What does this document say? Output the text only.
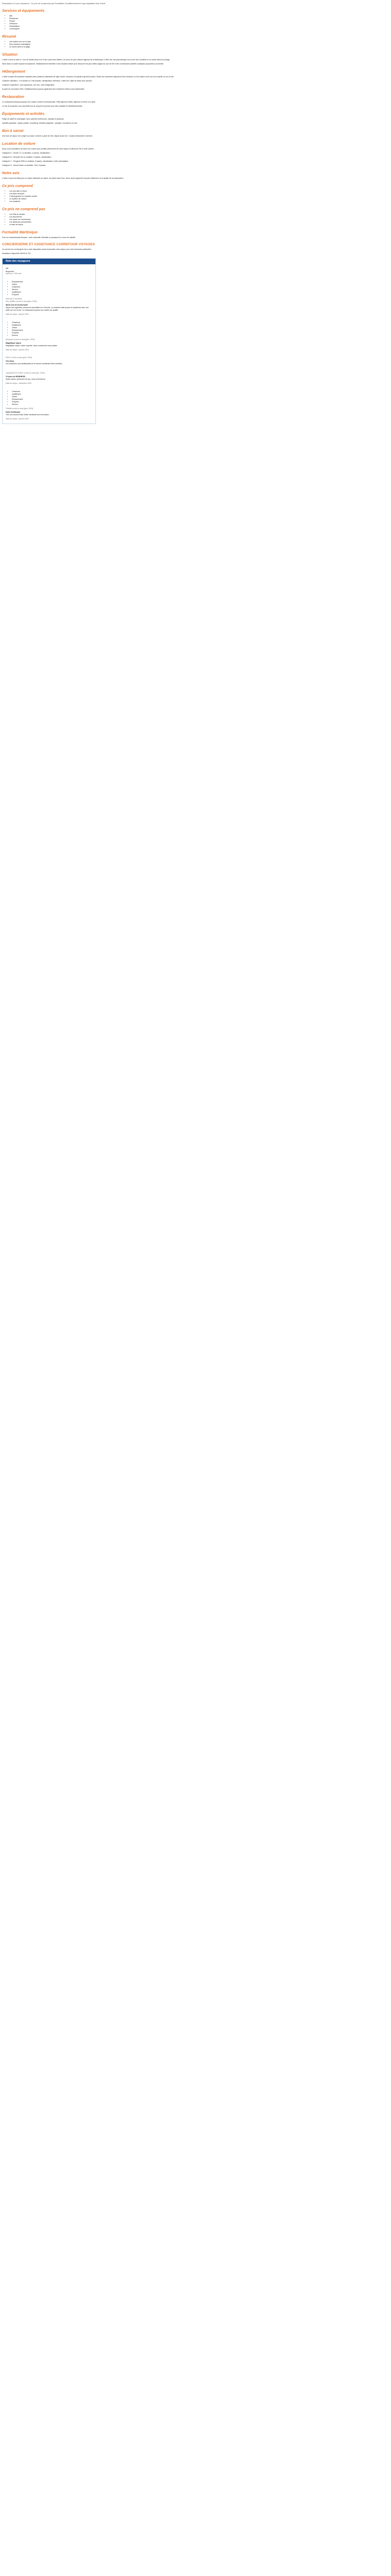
Description Ce prix comprend : Ce prix ne comprend pas Formalités Conditionnement Loge équitation Avis Client
Services et équipements
• Wifi
• Restaurant
• Piscine
• Télévision
• Climatisation
• Conciergerie
Résumé
• Une salière vue sur la baie
• Deux piscines aménagées
• Un accès direct à la plage
Situation

L'hôtel Cocoa se situe à 1 km de Sainte-Anne et à 5 min à pied des Salines. Au cœur du parc naturel régional de la Martinique, il offre une vue panoramique sur la mer des Caraïbes et un accès direct à la plage.

Situé dans un cadre tropical exceptionnel, l'établissement bénéficie d'une situation idéale pour découvrir les plus belles plages du sud de l'île et les nombreuses activités nautiques proposées à proximité.

Hébergement

L'hôtel compte 48 chambres réparties dans plusieurs bâtiments de style créole, entourés d'un jardin tropical luxuriant. Toutes les chambres disposent d'une terrasse ou d'un balcon avec vue sur le jardin ou sur la mer.

Chambre Standard : 1 lit double ou 2 lits simples, climatisation, télévision, coffre-fort, salle de bains avec douche.

Chambre Supérieure : plus spacieuse, vue mer, mini-réfrigérateur.

À partir de novembre 2024, l'établissement propose également des Chambres Deluxe avec kitchenette.

Restauration

Le restaurant principal propose une cuisine créole et internationale. Petit-déjeuner buffet, déjeuner et dîner à la carte.

Le bar de la piscine vous accueille tout au long de la journée pour des cocktails et rafraîchissements.

Équipements et activités

Plage de sable fin aménagée, deux piscines extérieures, transats et parasols.

Activités gratuites : kayak, paddle, snorkeling. Activités payantes : plongée, excursions en mer.

Bon à savoir

Une taxe de séjour est à régler sur place. Arrivée à partir de 15h, départ avant 11h. Caution demandée à l'arrivée.

Location de voiture

Nous vous conseillons de louer une voiture pour profiter pleinement de votre séjour et découvrir l'île à votre rythme.

Catégorie A : Citroën C1 ou similaire, 4 places, climatisation.

Catégorie B : Renault Clio ou similaire, 5 places, climatisation.

Catégorie C : Peugeot 2008 ou similaire, 5 places, climatisation, boîte automatique.

Catégorie D : Dacia Duster ou similaire, SUV, 5 places.

Notre avis

L'hôtel Cocoa est idéal pour un séjour balnéaire au calme, les pieds dans l'eau. Nous avons apprécié l'accueil chaleureux et la qualité de la restauration.

Ce prix comprend
• Les vols aller et retour
• Les taxes aéroport
• L'hébergement en chambre double
• La location de voiture
• Les transferts
Ce prix ne comprend pas
• Les frais de dossier
• Les assurances
• Les repas non mentionnés
• Les dépenses personnelles
• La taxe de séjour
Formalité Martinique

Pour les ressortissants français : carte nationale d'identité ou passeport en cours de validité.

CONCIERGERIE ET ASSISTANCE CARREFOUR VOYAGES

Un service de conciergerie est à votre disposition avant et pendant votre séjour pour toute demande particulière.

Assistance disponible 24h/24 et 7j/7.

Note des voyageurs
4.6
Moyenne
basé sur 1 000 avis
• Emplacement
• Calme
• Chambres
• Service
• Qualité/prix
• Propreté
Voté par 3 membres
Rcy_antilles a écrit un avis (janv. 2024)
Week-end de anniversaire

Séjour très agréable, personnel accueillant et à l'écoute. La chambre était propre et spacieuse avec une belle vue sur la mer. Le restaurant propose une cuisine de qualité.

Date du séjour : janvier 2024
• Chambres
• Qualité/prix
• Calme
• Emplacement
• Propreté
• Service
Anonyme a écrit un avis (janv. 2024)
Magnifique séjour

Magnifique séjour, cadre superbe. Nous reviendrons avec plaisir.

Date du séjour : janvier 2024
DSC1 a écrit un avis (janv. 2024)
Très déçu

Les chambres sont vieillissantes et le service mériterait d'être amélioré.

Campo610797716227 a écrit un avis (déc. 2024)
10 jours de BONHEUR...

Super séjour, personnel au top, nous reviendrons.

Date du séjour : décembre 2024
• Chambres
• Qualité/prix
• Calme
• Emplacement
• Propreté
• Service
Thebirk a écrit un avis (janv. 2024)
Hôtel Vieillissant

Très bon accueil mais l'hôtel mériterait une rénovation.

Date du séjour : janvier 2024
